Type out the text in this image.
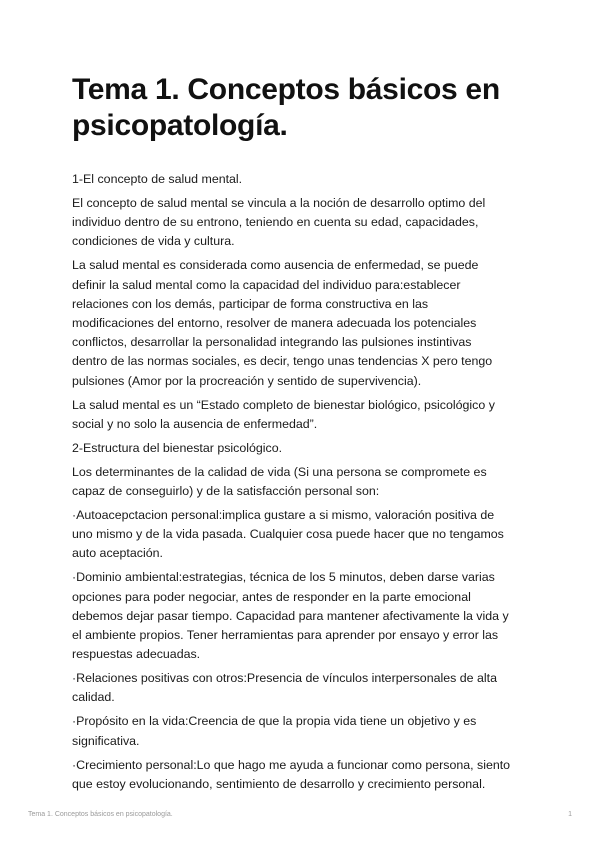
Tema 1. Conceptos básicos en
psicopatología.

1-El concepto de salud mental.

El concepto de salud mental se vincula a la noción de desarrollo optimo del
individuo dentro de su entrono, teniendo en cuenta su edad, capacidades,
condiciones de vida y cultura.

La salud mental es considerada como ausencia de enfermedad, se puede
definir la salud mental como la capacidad del individuo para:establecer
relaciones con los demás, participar de forma constructiva en las
modificaciones del entorno, resolver de manera adecuada los potenciales
conflictos, desarrollar la personalidad integrando las pulsiones instintivas
dentro de las normas sociales, es decir, tengo unas tendencias X pero tengo
pulsiones (Amor por la procreación y sentido de supervivencia).

La salud mental es un “Estado completo de bienestar biológico, psicológico y
social y no solo la ausencia de enfermedad”.

2-Estructura del bienestar psicológico.

Los determinantes de la calidad de vida (Si una persona se compromete es
capaz de conseguirlo) y de la satisfacción personal son:

·Autoacepctacion personal:implica gustare a si mismo, valoración positiva de
uno mismo y de la vida pasada. Cualquier cosa puede hacer que no tengamos
auto aceptación.

·Dominio ambiental:estrategias, técnica de los 5 minutos, deben darse varias
opciones para poder negociar, antes de responder en la parte emocional
debemos dejar pasar tiempo. Capacidad para mantener afectivamente la vida y
el ambiente propios. Tener herramientas para aprender por ensayo y error las
respuestas adecuadas.

·Relaciones positivas con otros:Presencia de vínculos interpersonales de alta
calidad.

·Propósito en la vida:Creencia de que la propia vida tiene un objetivo y es
significativa.

·Crecimiento personal:Lo que hago me ayuda a funcionar como persona, siento
que estoy evolucionando, sentimiento de desarrollo y crecimiento personal.

Tema 1. Conceptos básicos en psicopatología.	1
